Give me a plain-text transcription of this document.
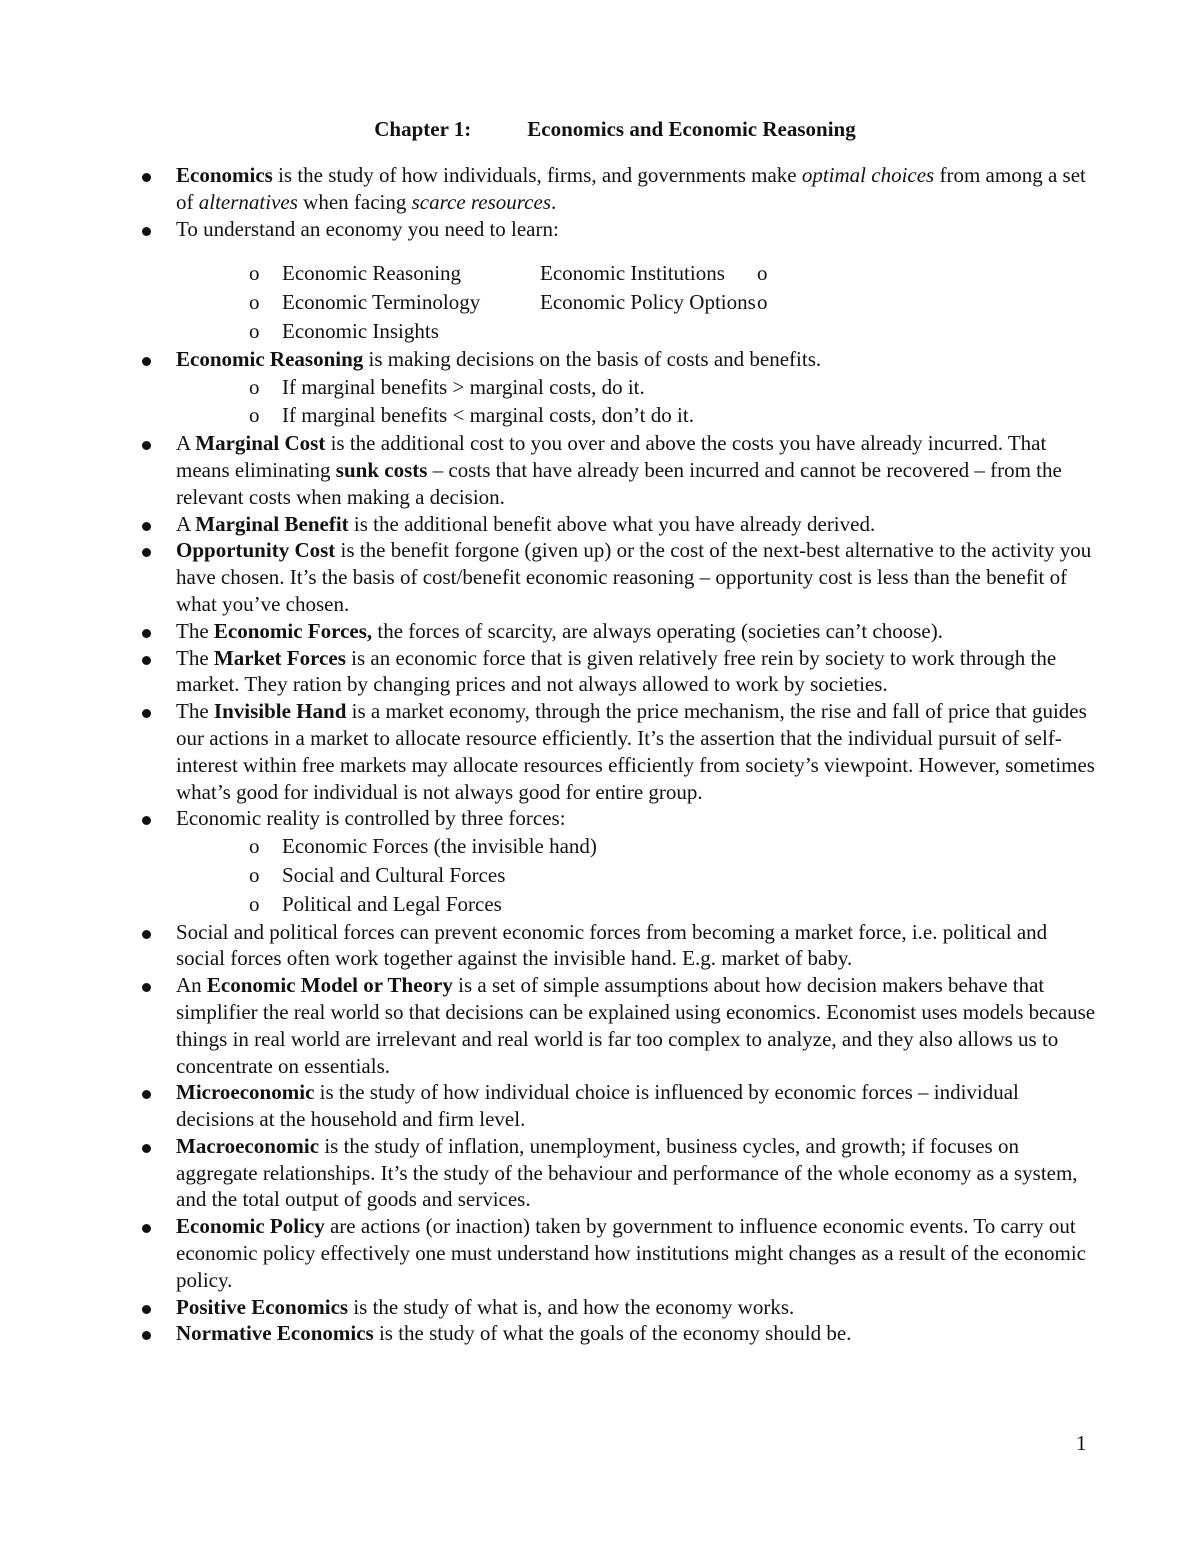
Chapter 1:	Economics and Economic Reasoning
Economics is the study of how individuals, firms, and governments make optimal choices from among a set of alternatives when facing scarce resources.
To understand an economy you need to learn:
o Economic Reasoning
o Economic Terminology
o Economic Insights
o Economic Institutions
o Economic Policy Options
Economic Reasoning is making decisions on the basis of costs and benefits.
o If marginal benefits > marginal costs, do it.
o If marginal benefits < marginal costs, don’t do it.
A Marginal Cost is the additional cost to you over and above the costs you have already incurred. That means eliminating sunk costs – costs that have already been incurred and cannot be recovered – from the relevant costs when making a decision.
A Marginal Benefit is the additional benefit above what you have already derived.
Opportunity Cost is the benefit forgone (given up) or the cost of the next-best alternative to the activity you have chosen. It’s the basis of cost/benefit economic reasoning – opportunity cost is less than the benefit of what you’ve chosen.
The Economic Forces, the forces of scarcity, are always operating (societies can’t choose).
The Market Forces is an economic force that is given relatively free rein by society to work through the market. They ration by changing prices and not always allowed to work by societies.
The Invisible Hand is a market economy, through the price mechanism, the rise and fall of price that guides our actions in a market to allocate resource efficiently. It’s the assertion that the individual pursuit of self-interest within free markets may allocate resources efficiently from society’s viewpoint. However, sometimes what’s good for individual is not always good for entire group.
Economic reality is controlled by three forces:
o Economic Forces (the invisible hand)
o Social and Cultural Forces
o Political and Legal Forces
Social and political forces can prevent economic forces from becoming a market force, i.e. political and social forces often work together against the invisible hand. E.g. market of baby.
An Economic Model or Theory is a set of simple assumptions about how decision makers behave that simplifier the real world so that decisions can be explained using economics. Economist uses models because things in real world are irrelevant and real world is far too complex to analyze, and they also allows us to concentrate on essentials.
Microeconomic is the study of how individual choice is influenced by economic forces – individual decisions at the household and firm level.
Macroeconomic is the study of inflation, unemployment, business cycles, and growth; if focuses on aggregate relationships. It’s the study of the behaviour and performance of the whole economy as a system, and the total output of goods and services.
Economic Policy are actions (or inaction) taken by government to influence economic events. To carry out economic policy effectively one must understand how institutions might changes as a result of the economic policy.
Positive Economics is the study of what is, and how the economy works.
Normative Economics is the study of what the goals of the economy should be.
1
